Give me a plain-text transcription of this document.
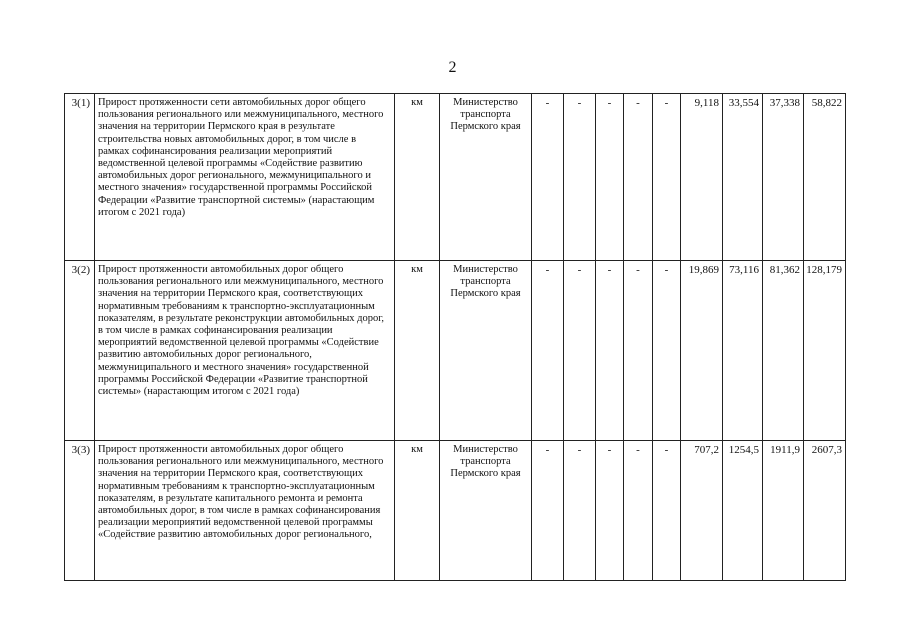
2
3(1)	Прирост протяженности сети автомобильных дорог общего пользования регионального или межмуниципального, местного значения на территории Пермского края в результате строительства новых автомобильных дорог, в том числе в рамках софинансирования реализации мероприятий ведомственной целевой программы «Содействие развитию автомобильных дорог регионального, межмуниципального и местного значения» государственной программы Российской Федерации «Развитие транспортной системы» (нарастающим итогом с 2021 года)	км	Министерство транспорта Пермского края	-	-	-	-	-	9,118	33,554	37,338	58,822
3(2)	Прирост протяженности автомобильных дорог общего пользования регионального или межмуниципального, местного значения на территории Пермского края, соответствующих нормативным требованиям к транспортно-эксплуатационным показателям, в результате реконструкции автомобильных дорог, в том числе в рамках софинансирования реализации мероприятий ведомственной целевой программы «Содействие развитию автомобильных дорог регионального, межмуниципального и местного значения» государственной программы Российской Федерации «Развитие транспортной системы» (нарастающим итогом с 2021 года)	км	Министерство транспорта Пермского края	-	-	-	-	-	19,869	73,116	81,362	128,179
3(3)	Прирост протяженности автомобильных дорог общего пользования регионального или межмуниципального, местного значения на территории Пермского края, соответствующих нормативным требованиям к транспортно-эксплуатационным показателям, в результате капитального ремонта и ремонта автомобильных дорог, в том числе в рамках софинансирования реализации мероприятий ведомственной целевой программы «Содействие развитию автомобильных дорог регионального,	км	Министерство транспорта Пермского края	-	-	-	-	-	707,2	1254,5	1911,9	2607,3
